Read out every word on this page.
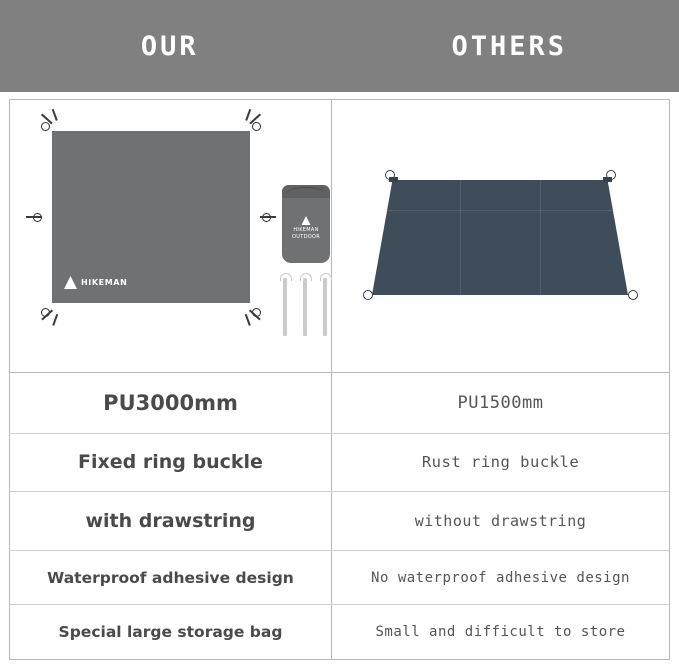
OUR	OTHERS
HIKEMAN
HIKEMAN
OUTDOOR
PU3000mm	PU1500mm
Fixed ring buckle	Rust ring buckle
with drawstring	without drawstring
Waterproof adhesive design	No waterproof adhesive design
Special large storage bag	Small and difficult to store
